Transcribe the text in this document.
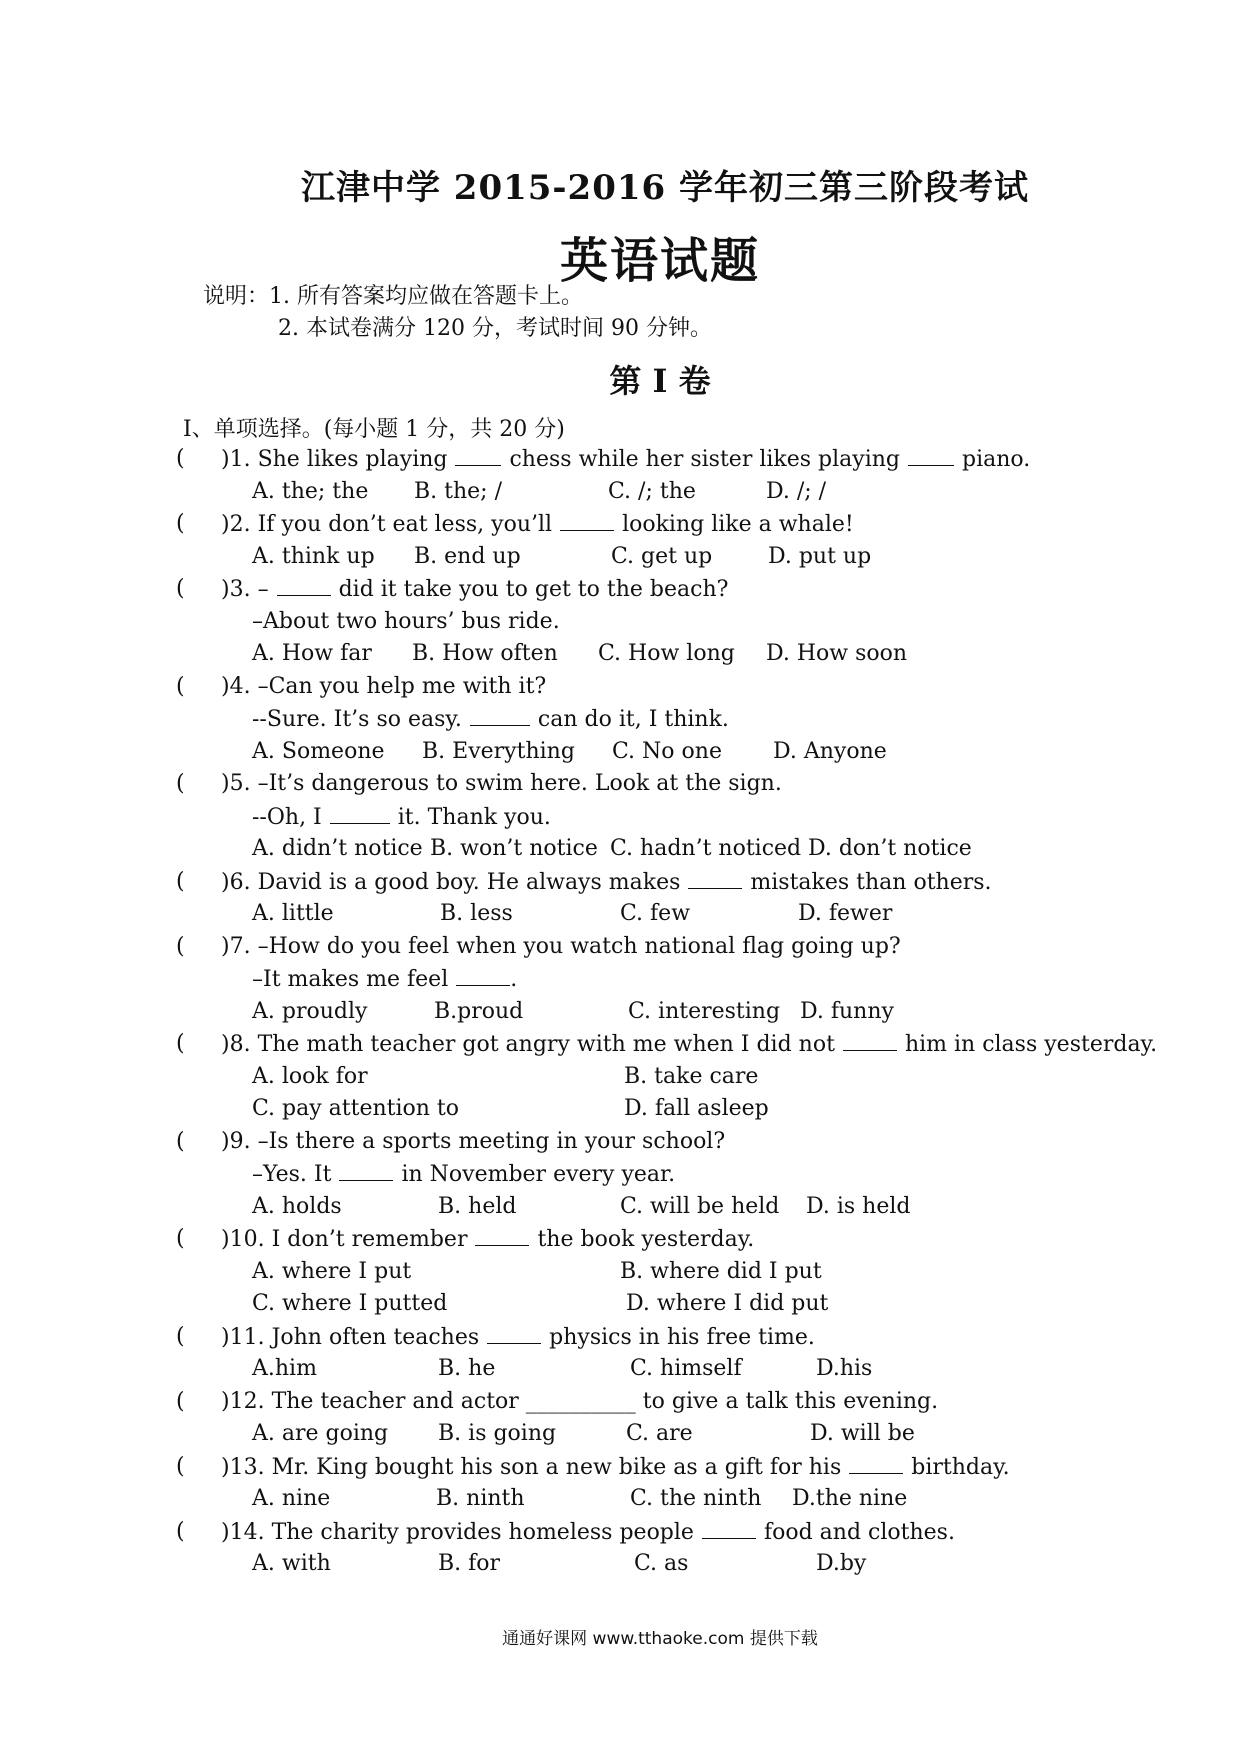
江津中学 2015-2016 学年初三第三阶段考试
英语试题
说明：1. 所有答案均应做在答题卡上。
2. 本试卷满分 120 分，考试时间 90 分钟。
第 I 卷
Ⅰ、单项选择。(每小题 1 分，共 20 分)
( )1. She likes playing	chess while her sister likes playing	piano.
A. the; the B. the; /	C. /; the	D. /; /
( )2. If you don’t eat less, you’ll	looking like a whale!
A. think up B. end up	C. get up	D. put up
( )3. –	did it take you to get to the beach?
–About two hours’ bus ride.
A. How far B. How often C. How long D. How soon
( )4. –Can you help me with it?
--Sure. It’s so easy.	can do it, I think.
A. Someone B. Everything C. No one D. Anyone
( )5. –It’s dangerous to swim here. Look at the sign.
--Oh, I	it. Thank you.
A. didn’t notice B. won’t notice C. hadn’t noticed D. don’t notice
( )6. David is a good boy. He always makes	mistakes than others.
A. little	B. less	C. few	D. fewer
( )7. –How do you feel when you watch national flag going up?
–It makes me feel	.
A. proudly	B.proud	C. interesting D. funny
( )8. The math teacher got angry with me when I did not	him in class yesterday.
A. look for	B. take care
C. pay attention to	D. fall asleep
( )9. –Is there a sports meeting in your school?
–Yes. It	in November every year.
A. holds	B. held	C. will be held D. is held
( )10. I don’t remember	the book yesterday.
A. where I put	B. where did I put
C. where I putted	D. where I did put
( )11. John often teaches	physics in his free time.
A.him	B. he	C. himself	D.his
( )12. The teacher and actor __________ to give a talk this evening.
A. are going B. is going	C. are	D. will be
( )13. Mr. King bought his son a new bike as a gift for his	birthday.
A. nine	B. ninth	C. the ninth D.the nine
( )14. The charity provides homeless people	food and clothes.
A. with	B. for	C. as	D.by
通通好课网 www.tthaoke.com 提供下载
